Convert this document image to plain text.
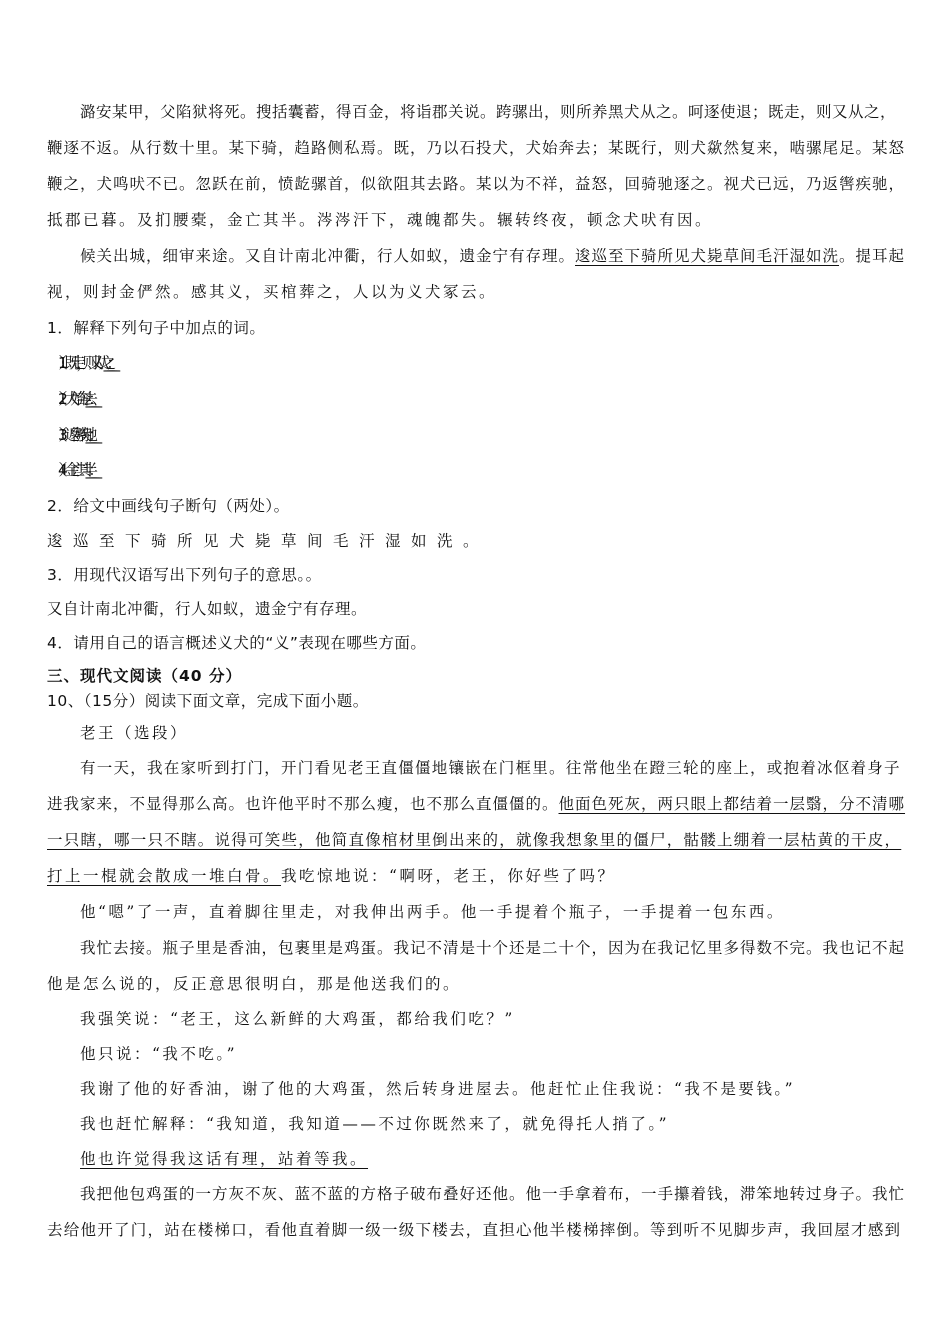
潞安某甲，父陷狱将死。搜括囊蓄，得百金，将诣郡关说。跨骡出，则所养黑犬从之。呵逐使退；既走，则又从之，
鞭逐不返。从行数十里。某下骑，趋路侧私焉。既，乃以石投犬，犬始奔去；某既行，则犬歘然复来，啮骡尾足。某怒
鞭之，犬鸣吠不已。忽跃在前，愤龁骡首，似欲阻其去路。某以为不祥，益怒，回骑驰逐之。视犬已远，乃返辔疾驰，
抵郡已暮。及扪腰橐，金亡其半。涔涔汗下，魂魄都失。辗转终夜，顿念犬吠有因。
候关出城，细审来途。又自计南北冲衢，行人如蚁，遗金宁有存理。逡巡至下骑所见犬毙草间毛汗湿如洗。提耳起
视，则封金俨然。感其义，买棺葬之，人以为义犬冢云。
1．解释下列句子中加点的词。
（1）既走，则又从之：______
（2）犬始奔去：______
（3）返辔疾驰：______
（4）金亡其半：______
2．给文中画线句子断句（两处）。
逡巡至下骑所见犬毙草间毛汗湿如洗。
3．用现代汉语写出下列句子的意思。。
又自计南北冲衢，行人如蚁，遗金宁有存理。
4．请用自己的语言概述义犬的“义”表现在哪些方面。
三、现代文阅读（40 分）
10、（15分）阅读下面文章，完成下面小题。
老王（选段）
有一天，我在家听到打门，开门看见老王直僵僵地镶嵌在门框里。往常他坐在蹬三轮的座上，或抱着冰伛着身子
进我家来，不显得那么高。也许他平时不那么瘦，也不那么直僵僵的。他面色死灰，两只眼上都结着一层翳，分不清哪
一只瞎，哪一只不瞎。说得可笑些，他简直像棺材里倒出来的，就像我想象里的僵尸，骷髅上绷着一层枯黄的干皮，
打上一棍就会散成一堆白骨。我吃惊地说：“啊呀，老王，你好些了吗？
他“嗯”了一声，直着脚往里走，对我伸出两手。他一手提着个瓶子，一手提着一包东西。
我忙去接。瓶子里是香油，包裹里是鸡蛋。我记不清是十个还是二十个，因为在我记忆里多得数不完。我也记不起
他是怎么说的，反正意思很明白，那是他送我们的。
我强笑说：“老王，这么新鲜的大鸡蛋，都给我们吃？”
他只说：“我不吃。”
我谢了他的好香油，谢了他的大鸡蛋，然后转身进屋去。他赶忙止住我说：“我不是要钱。”
我也赶忙解释：“我知道，我知道——不过你既然来了，就免得托人捎了。”
他也许觉得我这话有理，站着等我。
我把他包鸡蛋的一方灰不灰、蓝不蓝的方格子破布叠好还他。他一手拿着布，一手攥着钱，滞笨地转过身子。我忙
去给他开了门，站在楼梯口，看他直着脚一级一级下楼去，直担心他半楼梯摔倒。等到听不见脚步声，我回屋才感到
